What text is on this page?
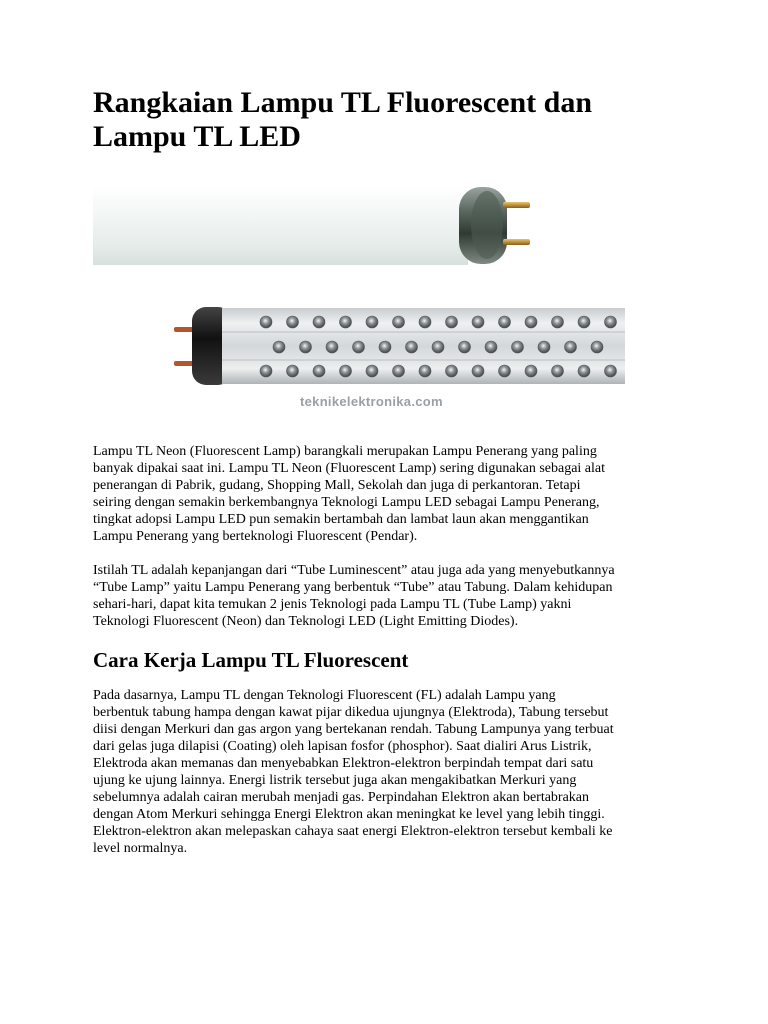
Rangkaian Lampu TL Fluorescent dan
Lampu TL LED
teknikelektronika.com

Lampu TL Neon (Fluorescent Lamp) barangkali merupakan Lampu Penerang yang paling
banyak dipakai saat ini. Lampu TL Neon (Fluorescent Lamp) sering digunakan sebagai alat
penerangan di Pabrik, gudang, Shopping Mall, Sekolah dan juga di perkantoran. Tetapi
seiring dengan semakin berkembangnya Teknologi Lampu LED sebagai Lampu Penerang,
tingkat adopsi Lampu LED pun semakin bertambah dan lambat laun akan menggantikan
Lampu Penerang yang berteknologi Fluorescent (Pendar).

Istilah TL adalah kepanjangan dari “Tube Luminescent” atau juga ada yang menyebutkannya
“Tube Lamp” yaitu Lampu Penerang yang berbentuk “Tube” atau Tabung. Dalam kehidupan
sehari-hari, dapat kita temukan 2 jenis Teknologi pada Lampu TL (Tube Lamp) yakni
Teknologi Fluorescent (Neon) dan Teknologi LED (Light Emitting Diodes).

Cara Kerja Lampu TL Fluorescent

Pada dasarnya, Lampu TL dengan Teknologi Fluorescent (FL) adalah Lampu yang
berbentuk tabung hampa dengan kawat pijar dikedua ujungnya (Elektroda), Tabung tersebut
diisi dengan Merkuri dan gas argon yang bertekanan rendah. Tabung Lampunya yang terbuat
dari gelas juga dilapisi (Coating) oleh lapisan fosfor (phosphor). Saat dialiri Arus Listrik,
Elektroda akan memanas dan menyebabkan Elektron-elektron berpindah tempat dari satu
ujung ke ujung lainnya. Energi listrik tersebut juga akan mengakibatkan Merkuri yang
sebelumnya adalah cairan merubah menjadi gas. Perpindahan Elektron akan bertabrakan
dengan Atom Merkuri sehingga Energi Elektron akan meningkat ke level yang lebih tinggi.
Elektron-elektron akan melepaskan cahaya saat energi Elektron-elektron tersebut kembali ke
level normalnya.
